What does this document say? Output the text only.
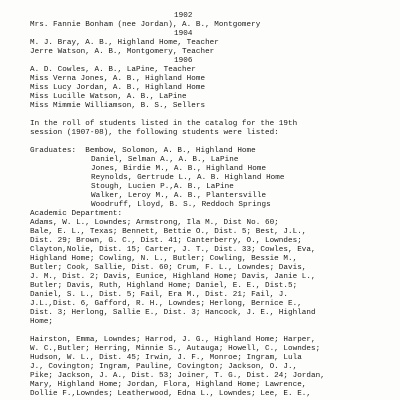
1902
Mrs. Fannie Bonham (nee Jordan), A. B., Montgomery
1904
M. J. Bray, A. B., Highland Home, Teacher
Jerre Watson, A. B., Montgomery, Teacher
1906
A. D. Cowles, A. B., LaPine, Teacher
Miss Verna Jones, A. B., Highland Home
Miss Lucy Jordan, A. B., Highland Home
Miss Lucille Watson, A. B., LaPine
Miss Mimmie Williamson, B. S., Sellers
In the roll of students listed in the catalog for the 19th
session (1907-08), the following students were listed:
Graduates:  Bembow, Solomon, A. B., Highland Home
Daniel, Selman A., A. B., LaPine
Jones, Birdie M., A. B., Highland Home
Reynolds, Gertrude L., A. B. Highland Home
Stough, Lucien P.,A. B., LaPine
Walker, Leroy M., A. B., Plantersville
Woodruff, Lloyd, B. S., Reddoch Springs
Academic Department:
Adams, W. L., Lowndes; Armstrong, Ila M., Dist No. 60;
Bale, E. L., Texas; Bennett, Bettie O., Dist. 5; Best, J.L.,
Dist. 29; Brown, G. C., Dist. 41; Canterberry, O., Lowndes;
Clayton,Nolie, Dist. 15; Carter, J. T., Dist. 33; Cowles, Eva,
Highland Home; Cowling, N. L., Butler; Cowling, Bessie M.,
Butler; Cook, Sallie, Dist. 60; Crum, F. L., Lowndes; Davis,
J. M., Dist. 2; Davis, Eunice, Highland Home; Davis, Janie L.,
Butler; Davis, Ruth, Highland Home; Daniel, E. E., Dist.5;
Daniel, S. L., Dist. 5; Fail, Era M., Dist. 21; Fail, J.
J.L.,Dist. 6, Gafford, R. H., Lowndes; Herlong, Bernice E.,
Dist. 3; Herlong, Sallie E., Dist. 3; Hancock, J. E., Highland
Home;
Hairston, Emma, Lowndes; Harrod, J. G., Highland Home; Harper,
W. C.,Butler; Herring, Minnie S., Autauga; Howell, C., Lowndes;
Hudson, W. L., Dist. 45; Irwin, J. F., Monroe; Ingram, Lula
J., Covington; Ingram, Pauline, Covington; Jackson, O. J.,
Pike; Jackson, J. A., Dist. 53; Joiner, T. G., Dist. 24; Jordan,
Mary, Highland Home; Jordan, Flora, Highland Home; Lawrence,
Dollie F.,Lowndes; Leatherwood, Edna L., Lowndes; Lee, E. E.,
